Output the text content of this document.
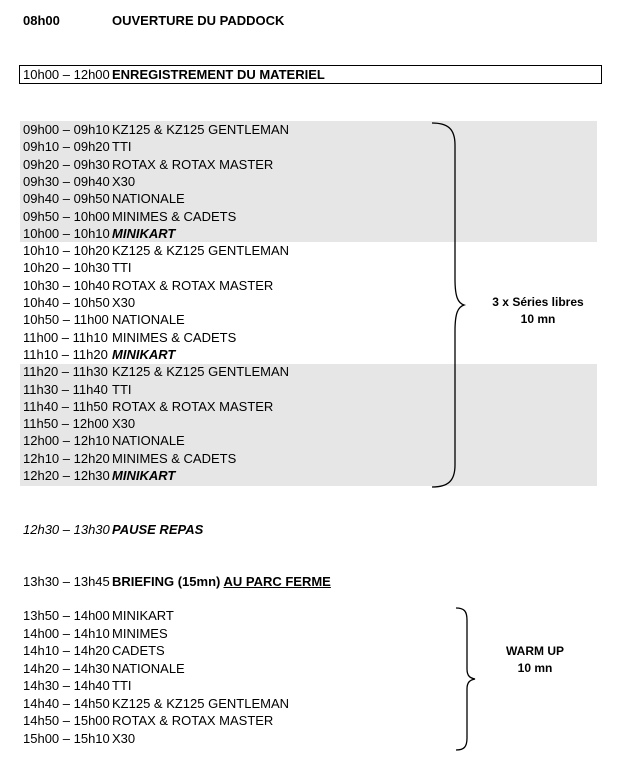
08h00	OUVERTURE DU PADDOCK
10h00 – 12h00 ENREGISTREMENT DU MATERIEL
09h00 – 09h10 KZ125 & KZ125 GENTLEMAN
09h10 – 09h20 TTI
09h20 – 09h30 ROTAX & ROTAX MASTER
09h30 – 09h40 X30
09h40 – 09h50 NATIONALE
09h50 – 10h00 MINIMES & CADETS
10h00 – 10h10 MINIKART
10h10 – 10h20 KZ125 & KZ125 GENTLEMAN
10h20 – 10h30 TTI
10h30 – 10h40 ROTAX & ROTAX MASTER
10h40 – 10h50 X30
10h50 – 11h00 NATIONALE
11h00 – 11h10 MINIMES & CADETS
11h10 – 11h20 MINIKART
11h20 – 11h30 KZ125 & KZ125 GENTLEMAN
11h30 – 11h40 TTI
11h40 – 11h50 ROTAX & ROTAX MASTER
11h50 – 12h00 X30
12h00 – 12h10 NATIONALE
12h10 – 12h20 MINIMES & CADETS
12h20 – 12h30 MINIKART
3 x Séries libres
10 mn
12h30 – 13h30 PAUSE REPAS
13h30 – 13h45 BRIEFING (15mn) AU PARC FERME
13h50 – 14h00 MINIKART
14h00 – 14h10 MINIMES
14h10 – 14h20 CADETS
14h20 – 14h30 NATIONALE
14h30 – 14h40 TTI
14h40 – 14h50 KZ125 & KZ125 GENTLEMAN
14h50 – 15h00 ROTAX & ROTAX MASTER
15h00 – 15h10 X30
WARM UP
10 mn
